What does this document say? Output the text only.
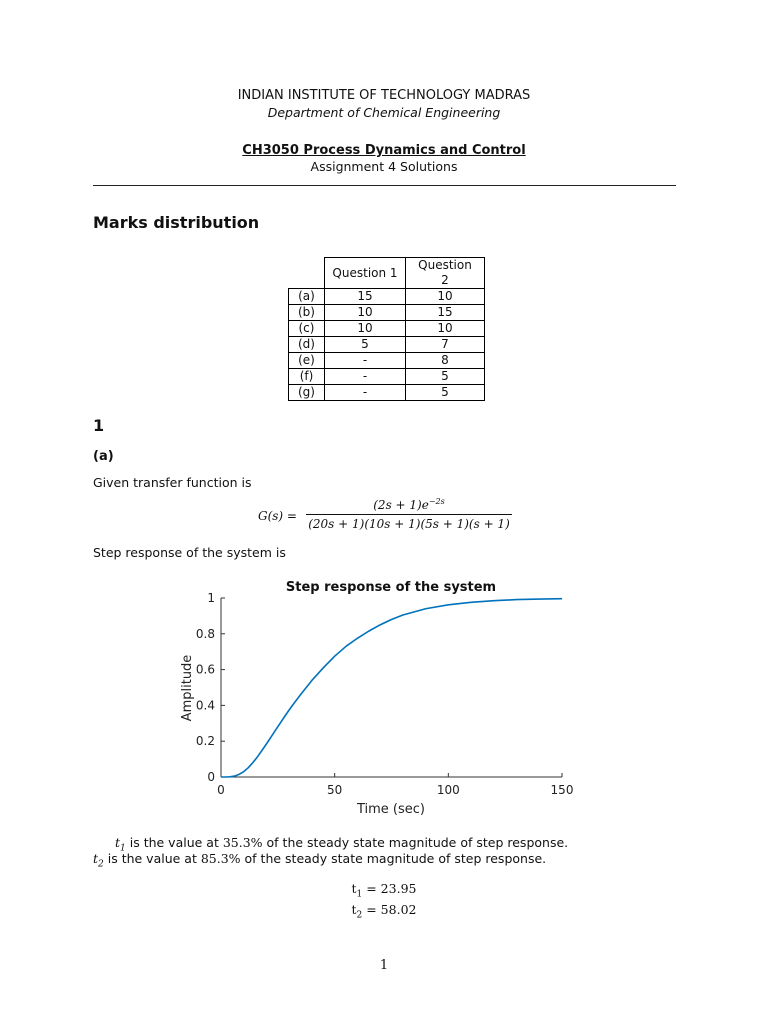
INDIAN INSTITUTE OF TECHNOLOGY MADRAS
Department of Chemical Engineering
CH3050 Process Dynamics and Control
Assignment 4 Solutions
Marks distribution
	Question 1	Question 2
(a)	15	10
(b)	10	15
(c)	10	10
(d)	5	7
(e)	-	8
(f)	-	5
(g)	-	5
1
(a)
Given transfer function is
G(s) =
$(2s + 1)e^{-2s}$
(20s + 1)(10s + 1)(5s + 1)(s + 1)
Step response of the system is
Step response of the system
0	50	100	150
0
0.2
0.4
0.6
0.8
1
Time (sec)
Amplitude
$t_1$ is the value at 35.3% of the steady state magnitude of step response.
$t_2$ is the value at 85.3% of the steady state magnitude of step response.
$t_1 = 23.95$
$t_2 = 58.02$
1
